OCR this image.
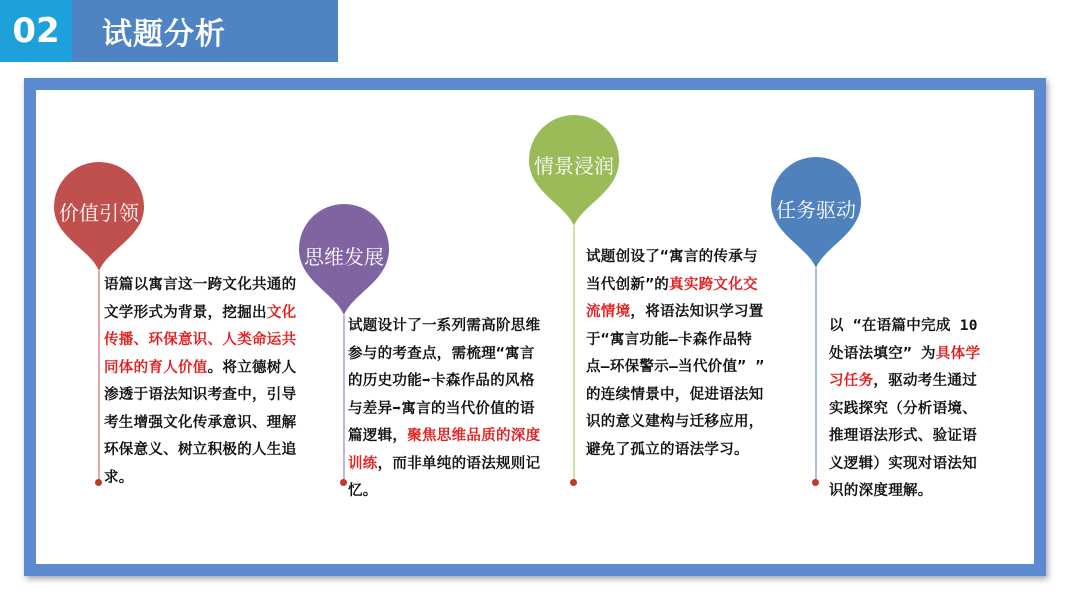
02	试题分析
价值引领
语篇以寓言这一跨文化共通的
文学形式为背景，挖掘出文化
传播、环保意识、人类命运共
同体的育人价值。将立德树人
渗透于语法知识考查中，引导
考生增强文化传承意识、理解
环保意义、树立积极的人生追
求。
思维发展
试题设计了一系列需高阶思维
参与的考查点，需梳理“寓言
的历史功能➡卡森作品的风格
与差异➡寓言的当代价值的语
篇逻辑，聚焦思维品质的深度
训练，而非单纯的语法规则记
忆。
情景浸润
试题创设了“寓言的传承与
当代创新”的真实跨文化交
流情境，将语法知识学习置
于“寓言功能—卡森作品特
点—环保警示—当代价值” ”
的连续情景中，促进语法知
识的意义建构与迁移应用，
避免了孤立的语法学习。
任务驱动
以 “在语篇中完成 10
处语法填空” 为具体学
习任务，驱动考生通过
实践探究（分析语境、
推理语法形式、验证语
义逻辑）实现对语法知
识的深度理解。
